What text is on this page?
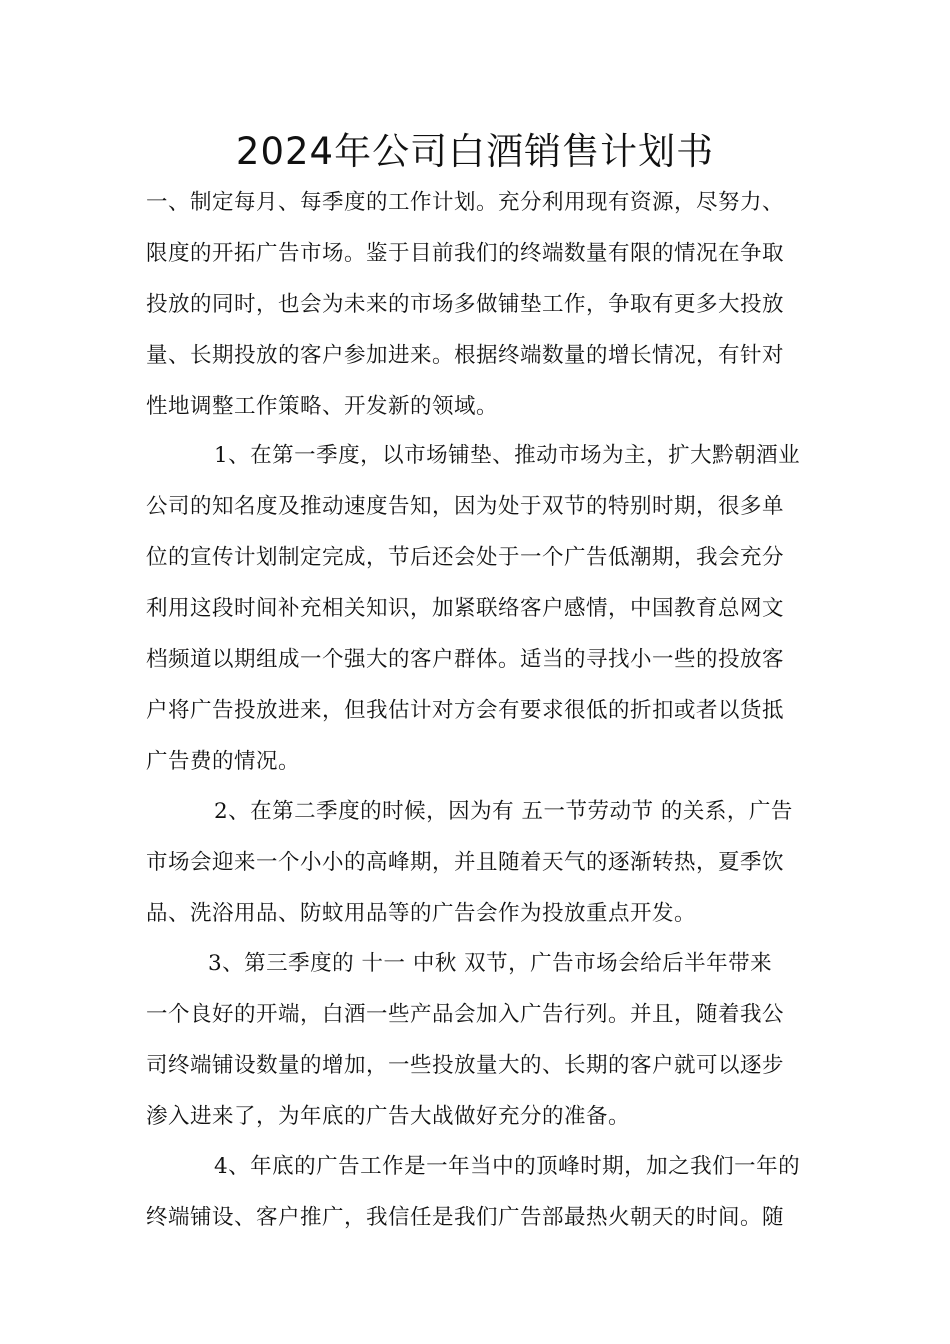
2024年公司白酒销售计划书
一、制定每月、每季度的工作计划。充分利用现有资源，尽努力、
限度的开拓广告市场。鉴于目前我们的终端数量有限的情况在争取
投放的同时，也会为未来的市场多做铺垫工作，争取有更多大投放
量、长期投放的客户参加进来。根据终端数量的增长情况，有针对
性地调整工作策略、开发新的领域。
1、在第一季度，以市场铺垫、推动市场为主，扩大黔朝酒业
公司的知名度及推动速度告知，因为处于双节的特别时期，很多单
位的宣传计划制定完成，节后还会处于一个广告低潮期，我会充分
利用这段时间补充相关知识，加紧联络客户感情，中国教育总网文
档频道以期组成一个强大的客户群体。适当的寻找小一些的投放客
户将广告投放进来，但我估计对方会有要求很低的折扣或者以货抵
广告费的情况。
2、在第二季度的时候，因为有 五一节劳动节 的关系，广告
市场会迎来一个小小的高峰期，并且随着天气的逐渐转热，夏季饮
品、洗浴用品、防蚊用品等的广告会作为投放重点开发。
3、第三季度的 十一 中秋 双节，广告市场会给后半年带来
一个良好的开端，白酒一些产品会加入广告行列。并且，随着我公
司终端铺设数量的增加，一些投放量大的、长期的客户就可以逐步
渗入进来了，为年底的广告大战做好充分的准备。
4、年底的广告工作是一年当中的顶峰时期，加之我们一年的
终端铺设、客户推广，我信任是我们广告部最热火朝天的时间。随
